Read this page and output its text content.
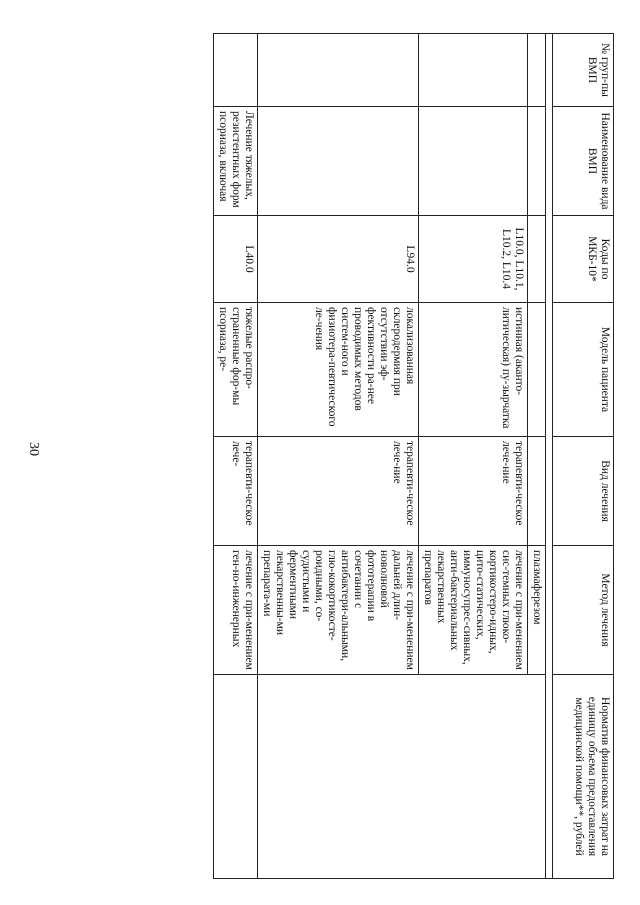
30
№ груп-пы ВМП	Наименование вида ВМП	Коды по МКБ-10*	Модель пациента	Вид лечения	Метод лечения	Норматив финансовых затрат на единицу объема предоставления медицинской помощи**, рублей

					плазмаферезом	
		L10.0, L10.1, L10.2, L10.4	истинная (аканто-литическая) пу-зырчатка	терапевти-ческое лече-ние	лечение с при-менением сис-темных глюко-кортикостеро-идных, цито-статических, иммуносупрес-сивных, анти-бактериальных лекарственных препаратов	
		L94.0	локализованная склеродермия при отсутствии эф-фективности ра-нее проводимых методов систем-ного и физиотера-певтического ле-чения	терапевти-ческое лече-ние	лечение с при-менением дальней длин-новолновой фототерапии в сочетании с антибактери-альными, глю-кокортикосте-роидными, со-судистыми и ферментными лекарственны-ми препарата-ми	
	Лечение тяжелых, резистентных форм псориаза, включая	L40.0	тяжелые распро-страненные фор-мы псориаза, ре-	терапевти-ческое лече-	лечение с при-менением ген-но-инженерных	
